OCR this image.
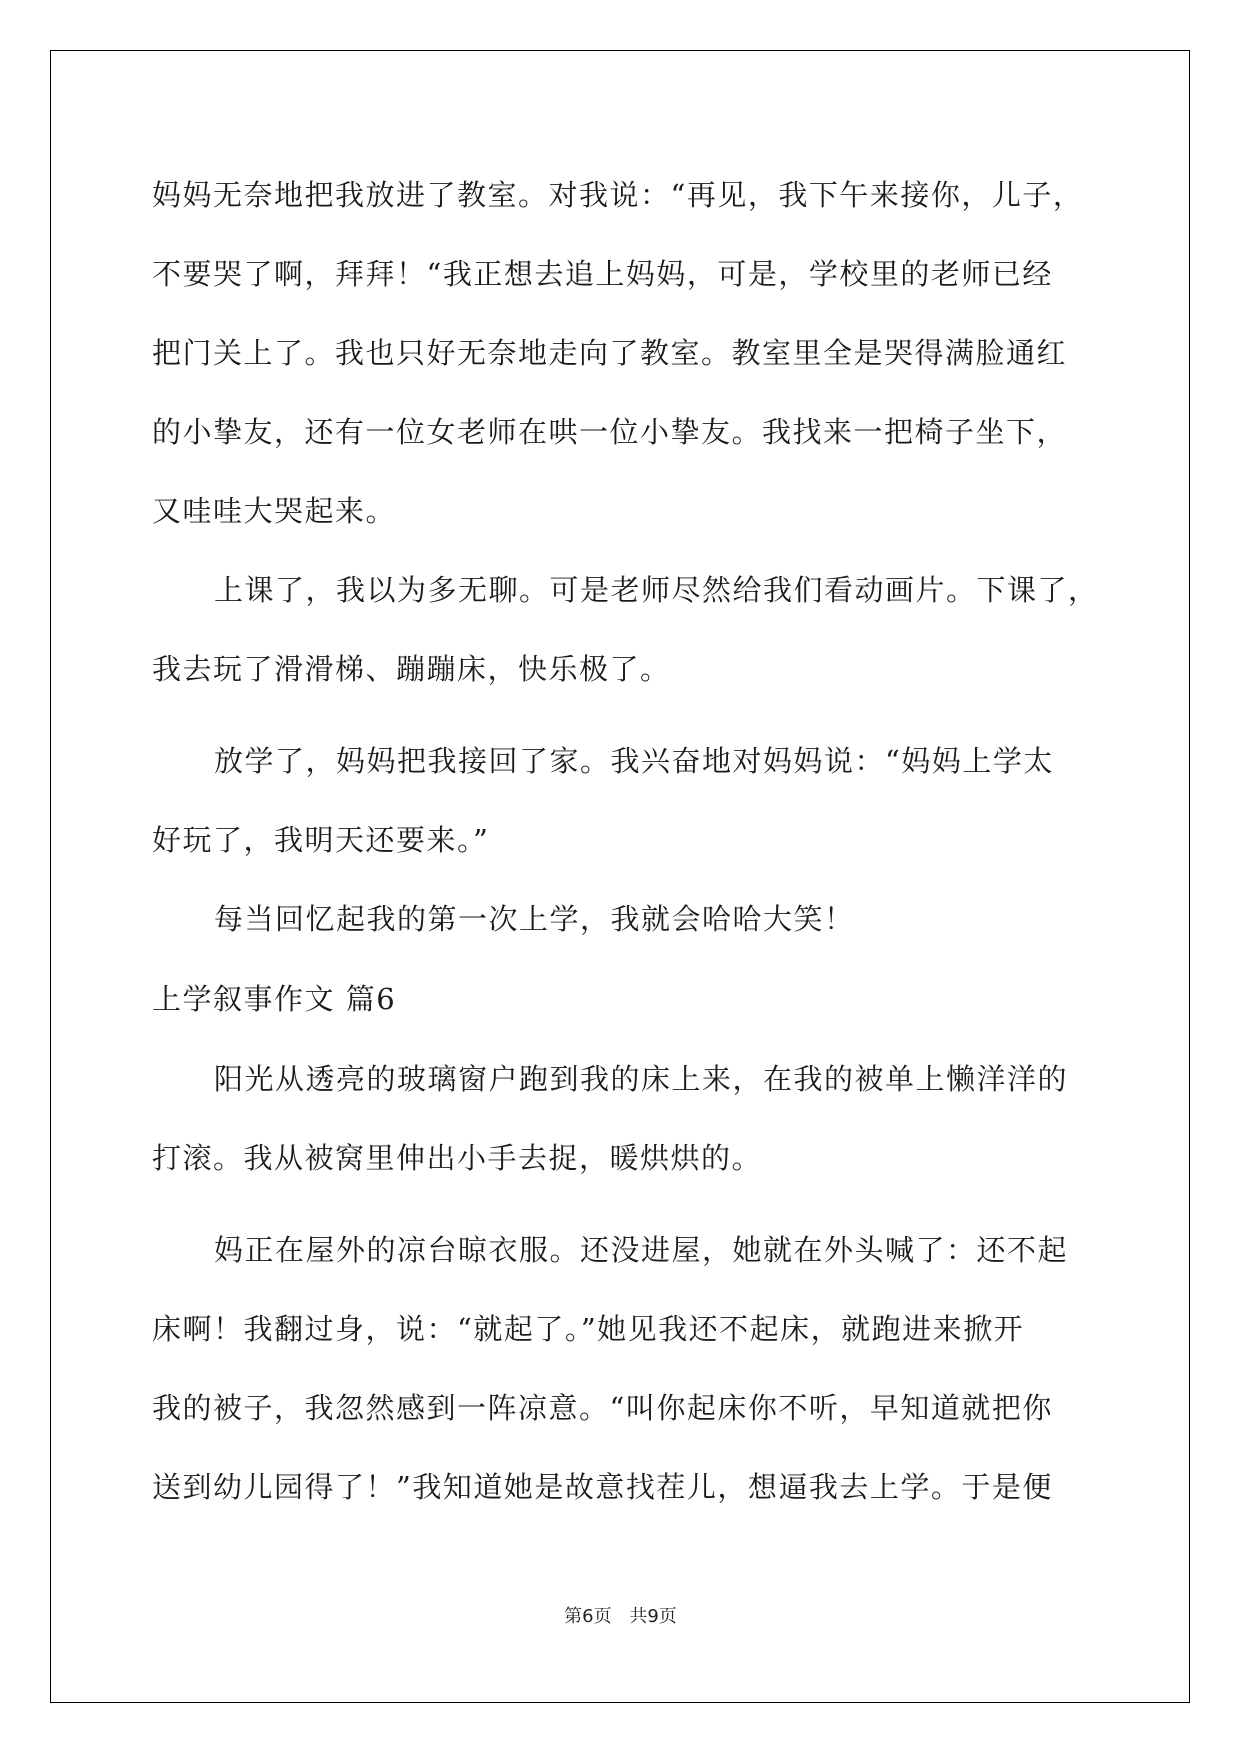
妈妈无奈地把我放进了教室。对我说：“再见，我下午来接你，儿子，
不要哭了啊，拜拜！“我正想去追上妈妈，可是，学校里的老师已经
把门关上了。我也只好无奈地走向了教室。教室里全是哭得满脸通红
的小挚友，还有一位女老师在哄一位小挚友。我找来一把椅子坐下，
又哇哇大哭起来。
上课了，我以为多无聊。可是老师尽然给我们看动画片。下课了，
我去玩了滑滑梯、蹦蹦床，快乐极了。
放学了，妈妈把我接回了家。我兴奋地对妈妈说：“妈妈上学太
好玩了，我明天还要来。”
每当回忆起我的第一次上学，我就会哈哈大笑！
上学叙事作文 篇6
阳光从透亮的玻璃窗户跑到我的床上来，在我的被单上懒洋洋的
打滚。我从被窝里伸出小手去捉，暖烘烘的。
妈正在屋外的凉台晾衣服。还没进屋，她就在外头喊了：还不起
床啊！我翻过身，说：“就起了。”她见我还不起床，就跑进来掀开
我的被子，我忽然感到一阵凉意。“叫你起床你不听，早知道就把你
送到幼儿园得了！”我知道她是故意找茬儿，想逼我去上学。于是便
第6页 共9页
